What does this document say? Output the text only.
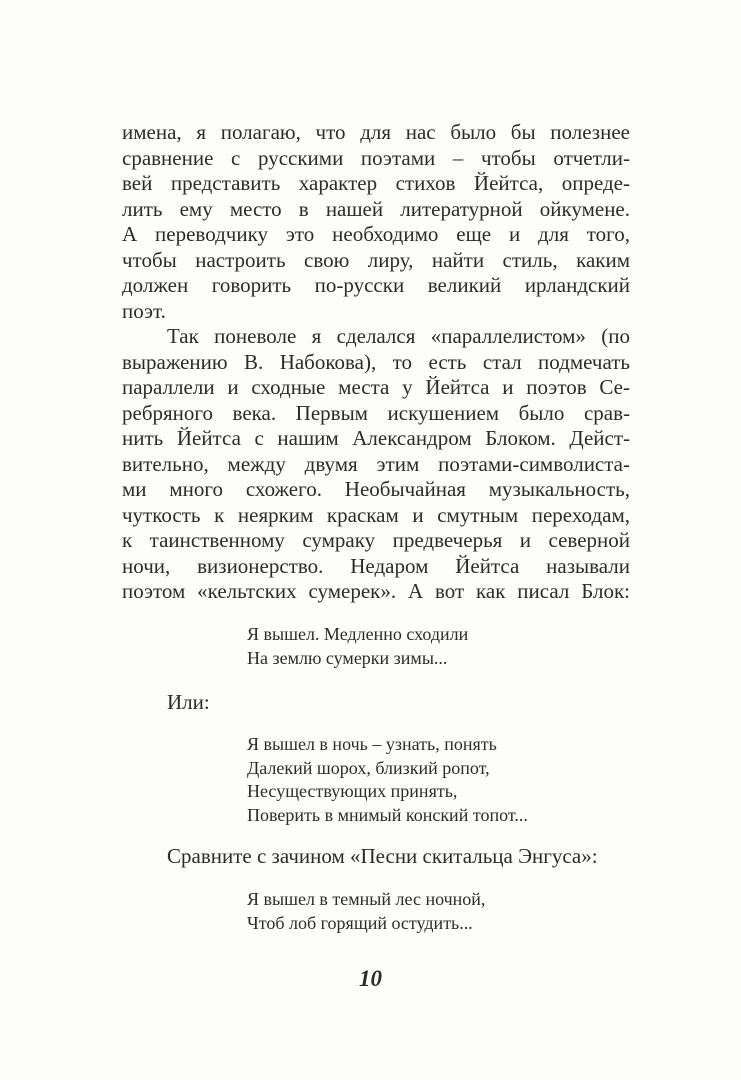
имена, я полагаю, что для нас было бы полезнее
сравнение с русскими поэтами – чтобы отчетли-
вей представить характер стихов Йейтса, опреде-
лить ему место в нашей литературной ойкумене.
А переводчику это необходимо еще и для того,
чтобы настроить свою лиру, найти стиль, каким
должен говорить по-русски великий ирландский
поэт.
Так поневоле я сделался «параллелистом» (по
выражению В. Набокова), то есть стал подмечать
параллели и сходные места у Йейтса и поэтов Се-
ребряного века. Первым искушением было срав-
нить Йейтса с нашим Александром Блоком. Дейст-
вительно, между двумя этим поэтами-символиста-
ми много схожего. Необычайная музыкальность,
чуткость к неярким краскам и смутным переходам,
к таинственному сумраку предвечерья и северной
ночи, визионерство. Недаром Йейтса называли
поэтом «кельтских сумерек». А вот как писал Блок:
Я вышел. Медленно сходили
На землю сумерки зимы...
Или:
Я вышел в ночь – узнать, понять
Далекий шорох, близкий ропот,
Несуществующих принять,
Поверить в мнимый конский топот...
Сравните с зачином «Песни скитальца Энгуса»:
Я вышел в темный лес ночной,
Чтоб лоб горящий остудить...
10
